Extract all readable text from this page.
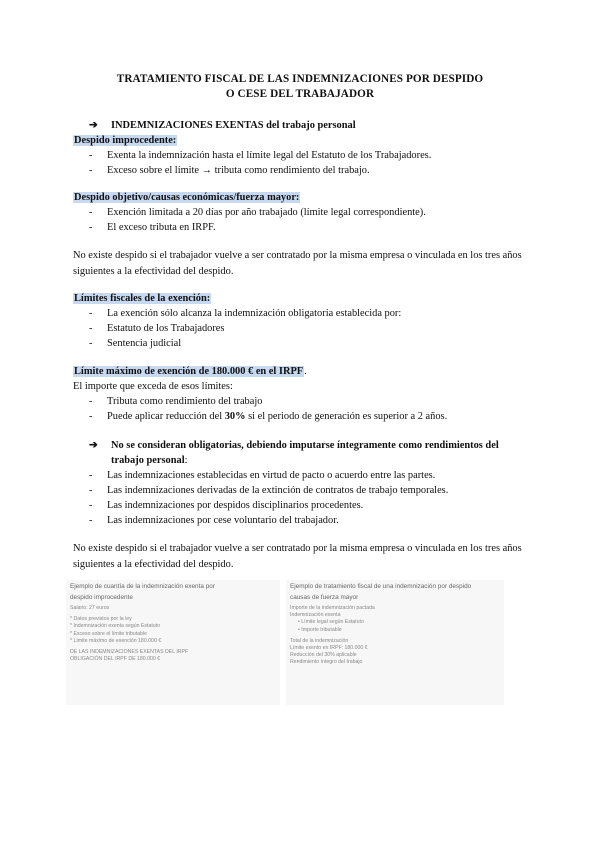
TRATAMIENTO FISCAL DE LAS INDEMNIZACIONES POR DESPIDO
O CESE DEL TRABAJADOR
➔ INDEMNIZACIONES EXENTAS del trabajo personal
Despido improcedente:
- Exenta la indemnización hasta el límite legal del Estatuto de los Trabajadores.
- Exceso sobre el límite → tributa como rendimiento del trabajo.
Despido objetivo/causas económicas/fuerza mayor:
- Exención limitada a 20 días por año trabajado (límite legal correspondiente).
- El exceso tributa en IRPF.

No existe despido si el trabajador vuelve a ser contratado por la misma empresa o vinculada en los tres años siguientes a la efectividad del despido.

Límites fiscales de la exención:
- La exención sólo alcanza la indemnización obligatoria establecida por:
- Estatuto de los Trabajadores
- Sentencia judicial
Límite máximo de exención de 180.000 € en el IRPF.
El importe que exceda de esos límites:
- Tributa como rendimiento del trabajo
- Puede aplicar reducción del 30% si el periodo de generación es superior a 2 años.
➔ No se consideran obligatorias, debiendo imputarse íntegramente como rendimientos del
trabajo personal:
- Las indemnizaciones establecidas en virtud de pacto o acuerdo entre las partes.
- Las indemnizaciones derivadas de la extinción de contratos de trabajo temporales.
- Las indemnizaciones por despidos disciplinarios procedentes.
- Las indemnizaciones por cese voluntario del trabajador.

No existe despido si el trabajador vuelve a ser contratado por la misma empresa o vinculada en los tres años siguientes a la efectividad del despido.

Ejemplo de cuantía de la indemnización exenta por
despido improcedente
Salario: 27 euros
* Datos previstos por la ley
* Indemnización exenta según Estatuto
* Exceso sobre el límite tributable
* Límite máximo de exención 180.000 €
DE LAS INDEMNIZACIONES EXENTAS DEL IRPF
OBLIGACIÓN DEL IRPF DE 180.000 €
Ejemplo de tratamiento fiscal de una indemnización por despido
causas de fuerza mayor
Importe de la indemnización pactada
Indemnización exenta
• Límite legal según Estatuto
• Importe tributable
Total de la indemnización
Límite exento en IRPF: 180.000 €
Reducción del 30% aplicable
Rendimiento íntegro del trabajo
